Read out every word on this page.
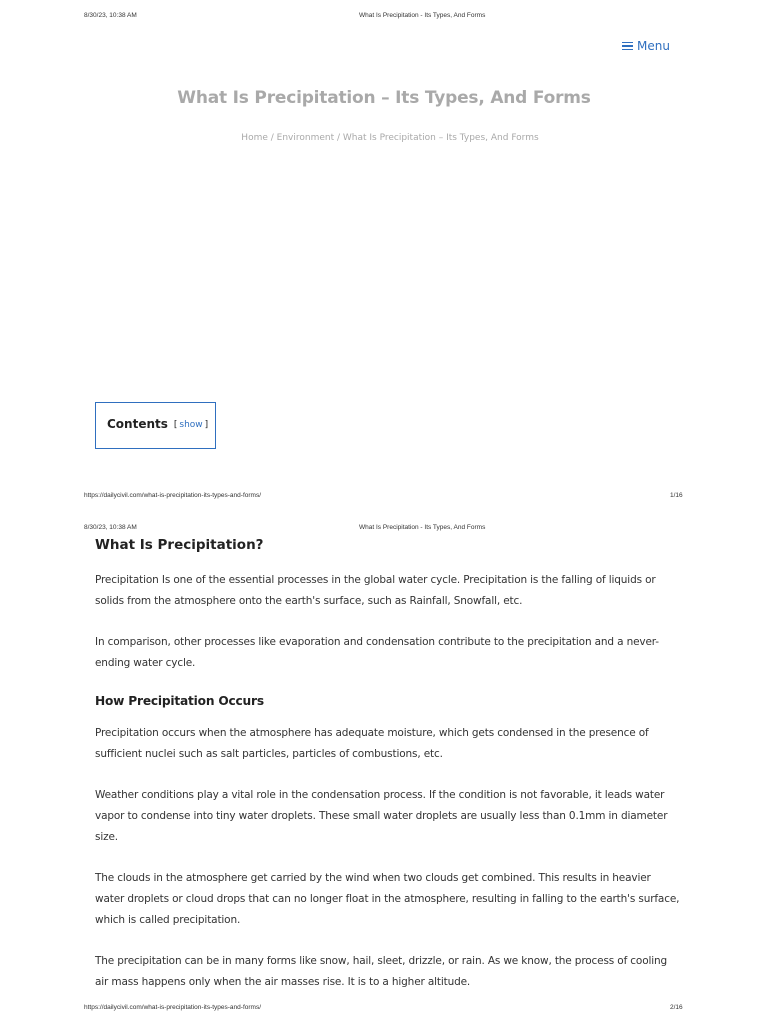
8/30/23, 10:38 AM	What Is Precipitation - Its Types, And Forms
Menu
What Is Precipitation – Its Types, And Forms
Home / Environment / What Is Precipitation – Its Types, And Forms
Contents [ show ]
https://dailycivil.com/what-is-precipitation-its-types-and-forms/	1/16
8/30/23, 10:38 AM	What Is Precipitation - Its Types, And Forms
What Is Precipitation?

Precipitation Is one of the essential processes in the global water cycle. Precipitation is the falling of liquids or solids from the atmosphere onto the earth's surface, such as Rainfall, Snowfall, etc.

In comparison, other processes like evaporation and condensation contribute to the precipitation and a never-ending water cycle.

How Precipitation Occurs

Precipitation occurs when the atmosphere has adequate moisture, which gets condensed in the presence of sufficient nuclei such as salt particles, particles of combustions, etc.

Weather conditions play a vital role in the condensation process. If the condition is not favorable, it leads water vapor to condense into tiny water droplets. These small water droplets are usually less than 0.1mm in diameter size.

The clouds in the atmosphere get carried by the wind when two clouds get combined. This results in heavier water droplets or cloud drops that can no longer float in the atmosphere, resulting in falling to the earth's surface, which is called precipitation.

The precipitation can be in many forms like snow, hail, sleet, drizzle, or rain. As we know, the process of cooling air mass happens only when the air masses rise. It is to a higher altitude.

https://dailycivil.com/what-is-precipitation-its-types-and-forms/	2/16
